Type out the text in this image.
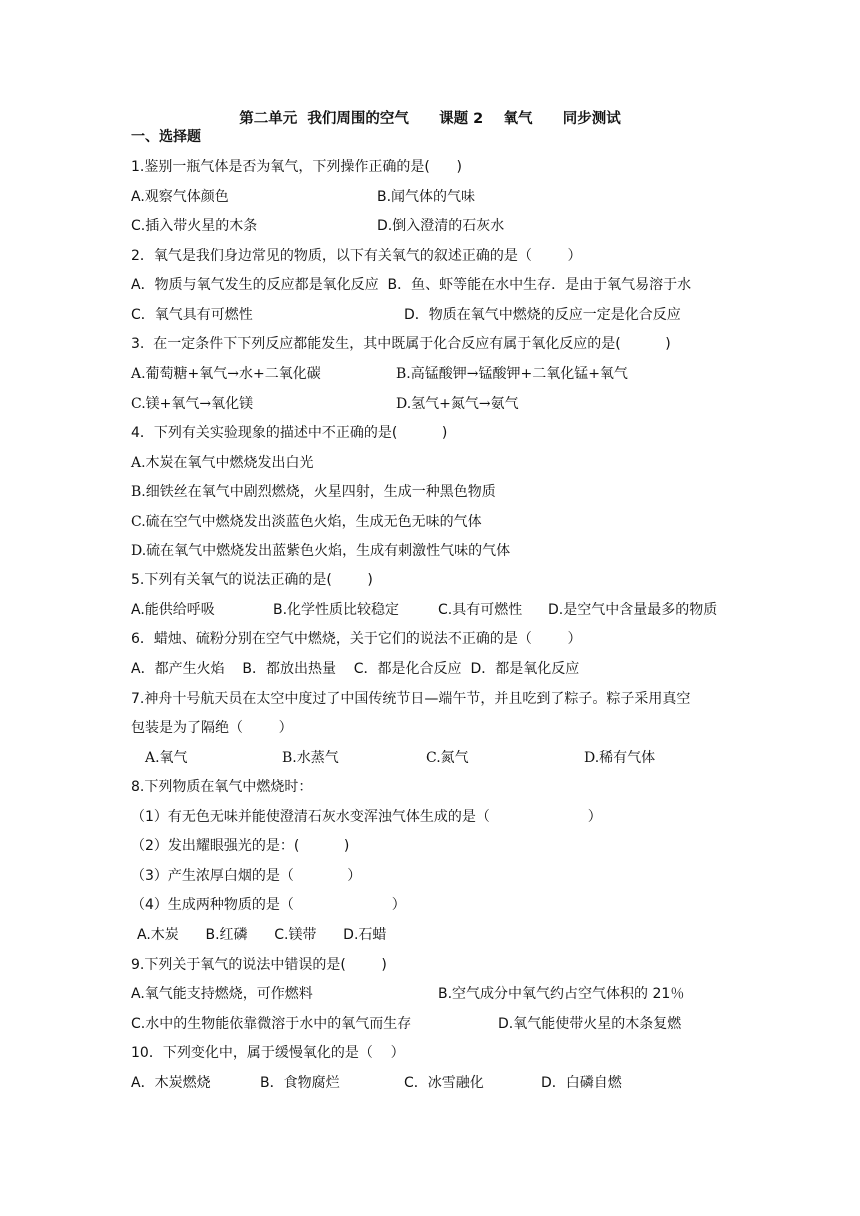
第二单元  我们周围的空气      课题 2    氧气      同步测试
一、选择题
1.鉴别一瓶气体是否为氧气，下列操作正确的是(      )
A.观察气体颜色	B.闻气体的气味
C.插入带火星的木条	D.倒入澄清的石灰水
2．氧气是我们身边常见的物质，以下有关氧气的叙述正确的是（        ）
A．物质与氧气发生的反应都是氧化反应  B．鱼、虾等能在水中生存．是由于氧气易溶于水
C．氧气具有可燃性	D．物质在氧气中燃烧的反应一定是化合反应
3.  在一定条件下下列反应都能发生，其中既属于化合反应有属于氧化反应的是(          )
A.葡萄糖+氧气→水+二氧化碳	B.高锰酸钾→锰酸钾+二氧化锰+氧气
C.镁+氧气→氧化镁	D.氢气+氮气→氨气
4．下列有关实验现象的描述中不正确的是(          )
A.木炭在氧气中燃烧发出白光
B.细铁丝在氧气中剧烈燃烧，火星四射，生成一种黑色物质
C.硫在空气中燃烧发出淡蓝色火焰，生成无色无味的气体
D.硫在氧气中燃烧发出蓝紫色火焰，生成有刺激性气味的气体
5.下列有关氧气的说法正确的是(        )
A.能供给呼吸	B.化学性质比较稳定	C.具有可燃性 D.是空气中含量最多的物质
6．蜡烛、硫粉分别在空气中燃烧，关于它们的说法不正确的是（        ）
A．都产生火焰    B．都放出热量    C．都是化合反应  D．都是氧化反应
7.神舟十号航天员在太空中度过了中国传统节日—端午节，并且吃到了粽子。粽子采用真空
包装是为了隔绝（        ）
A.氧气	B.水蒸气	C.氮气	D.稀有气体
8.下列物质在氧气中燃烧时：
（1）有无色无味并能使澄清石灰水变浑浊气体生成的是（                      ）
（2）发出耀眼强光的是：(          )
（3）产生浓厚白烟的是（            ）
（4）生成两种物质的是（                      ）
A.木炭      B.红磷      C.镁带      D.石蜡
9.下列关于氧气的说法中错误的是(        )
A.氧气能支持燃烧，可作燃料	B.空气成分中氧气约占空气体积的 21％
C.水中的生物能依靠微溶于水中的氧气而生存	D.氧气能使带火星的木条复燃
10．下列变化中，属于缓慢氧化的是（    ）
A．木炭燃烧	B．食物腐烂	C．冰雪融化	D．白磷自燃
